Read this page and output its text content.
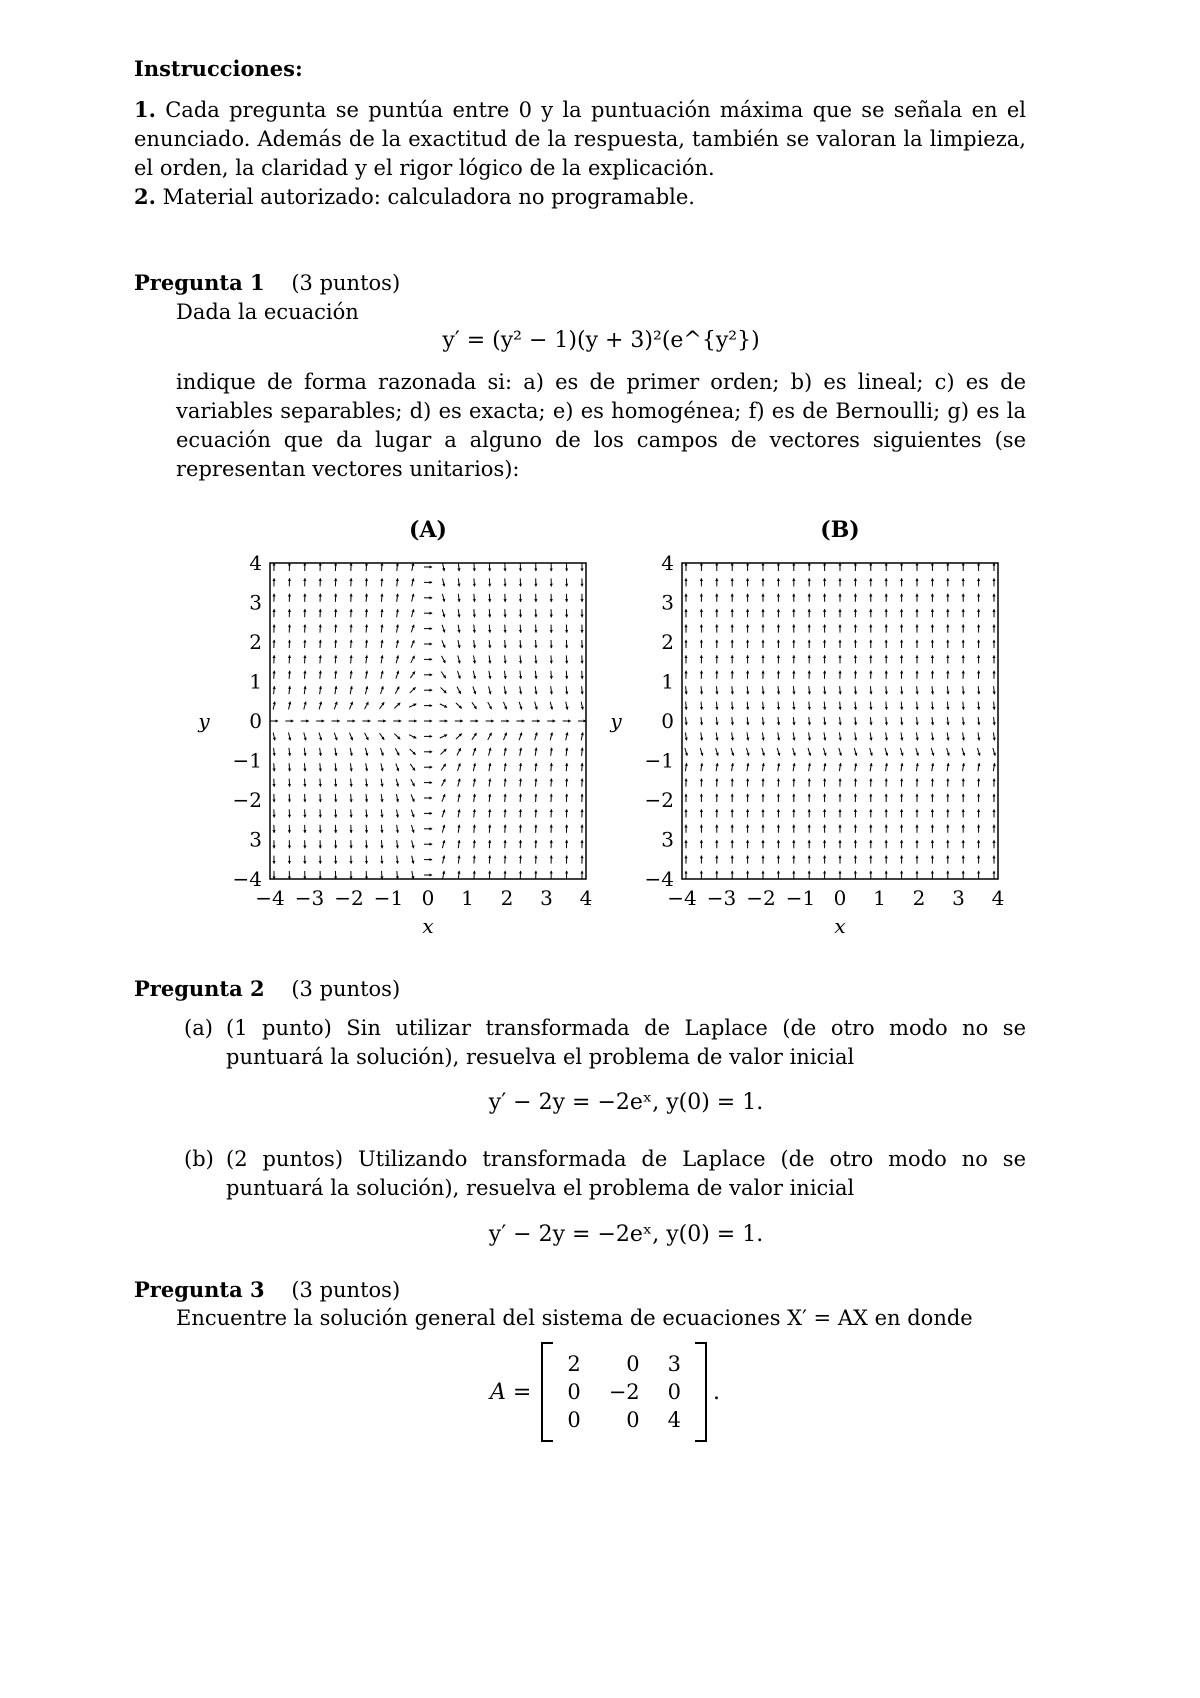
Instrucciones:
1. Cada pregunta se puntúa entre 0 y la puntuación máxima que se señala en el enunciado. Además de la exactitud de la respuesta, también se valoran la limpieza, el orden, la claridad y el rigor lógico de la explicación.
2. Material autorizado: calculadora no programable.
Pregunta 1 (3 puntos)
Dada la ecuación
y′ = (y² − 1)(y + 3)²(e^{y²})
indique de forma razonada si: a) es de primer orden; b) es lineal; c) es de variables separables; d) es exacta; e) es homogénea; f) es de Bernoulli; g) es la ecuación que da lugar a alguno de los campos de vectores siguientes (se representan vectores unitarios):
(A)	(B)
−4 −3 −2 −1 0 1 2 3 4
4
3
2
1
0
−1
−2
3
−4
x
y
−4 −3 −2 −1 0 1 2 3 4
4
3
2
1
0
−1
−2
3
−4
x
y
Pregunta 2 (3 puntos)
(a) (1 punto) Sin utilizar transformada de Laplace (de otro modo no se puntuará la solución), resuelva el problema de valor inicial
y′ − 2y = −2eˣ, y(0) = 1.
(b) (2 puntos) Utilizando transformada de Laplace (de otro modo no se puntuará la solución), resuelva el problema de valor inicial
y′ − 2y = −2eˣ, y(0) = 1.
Pregunta 3 (3 puntos)
Encuentre la solución general del sistema de ecuaciones X′ = AX en donde
A =
2	0	3
0	−2	0
0	0	4
.
